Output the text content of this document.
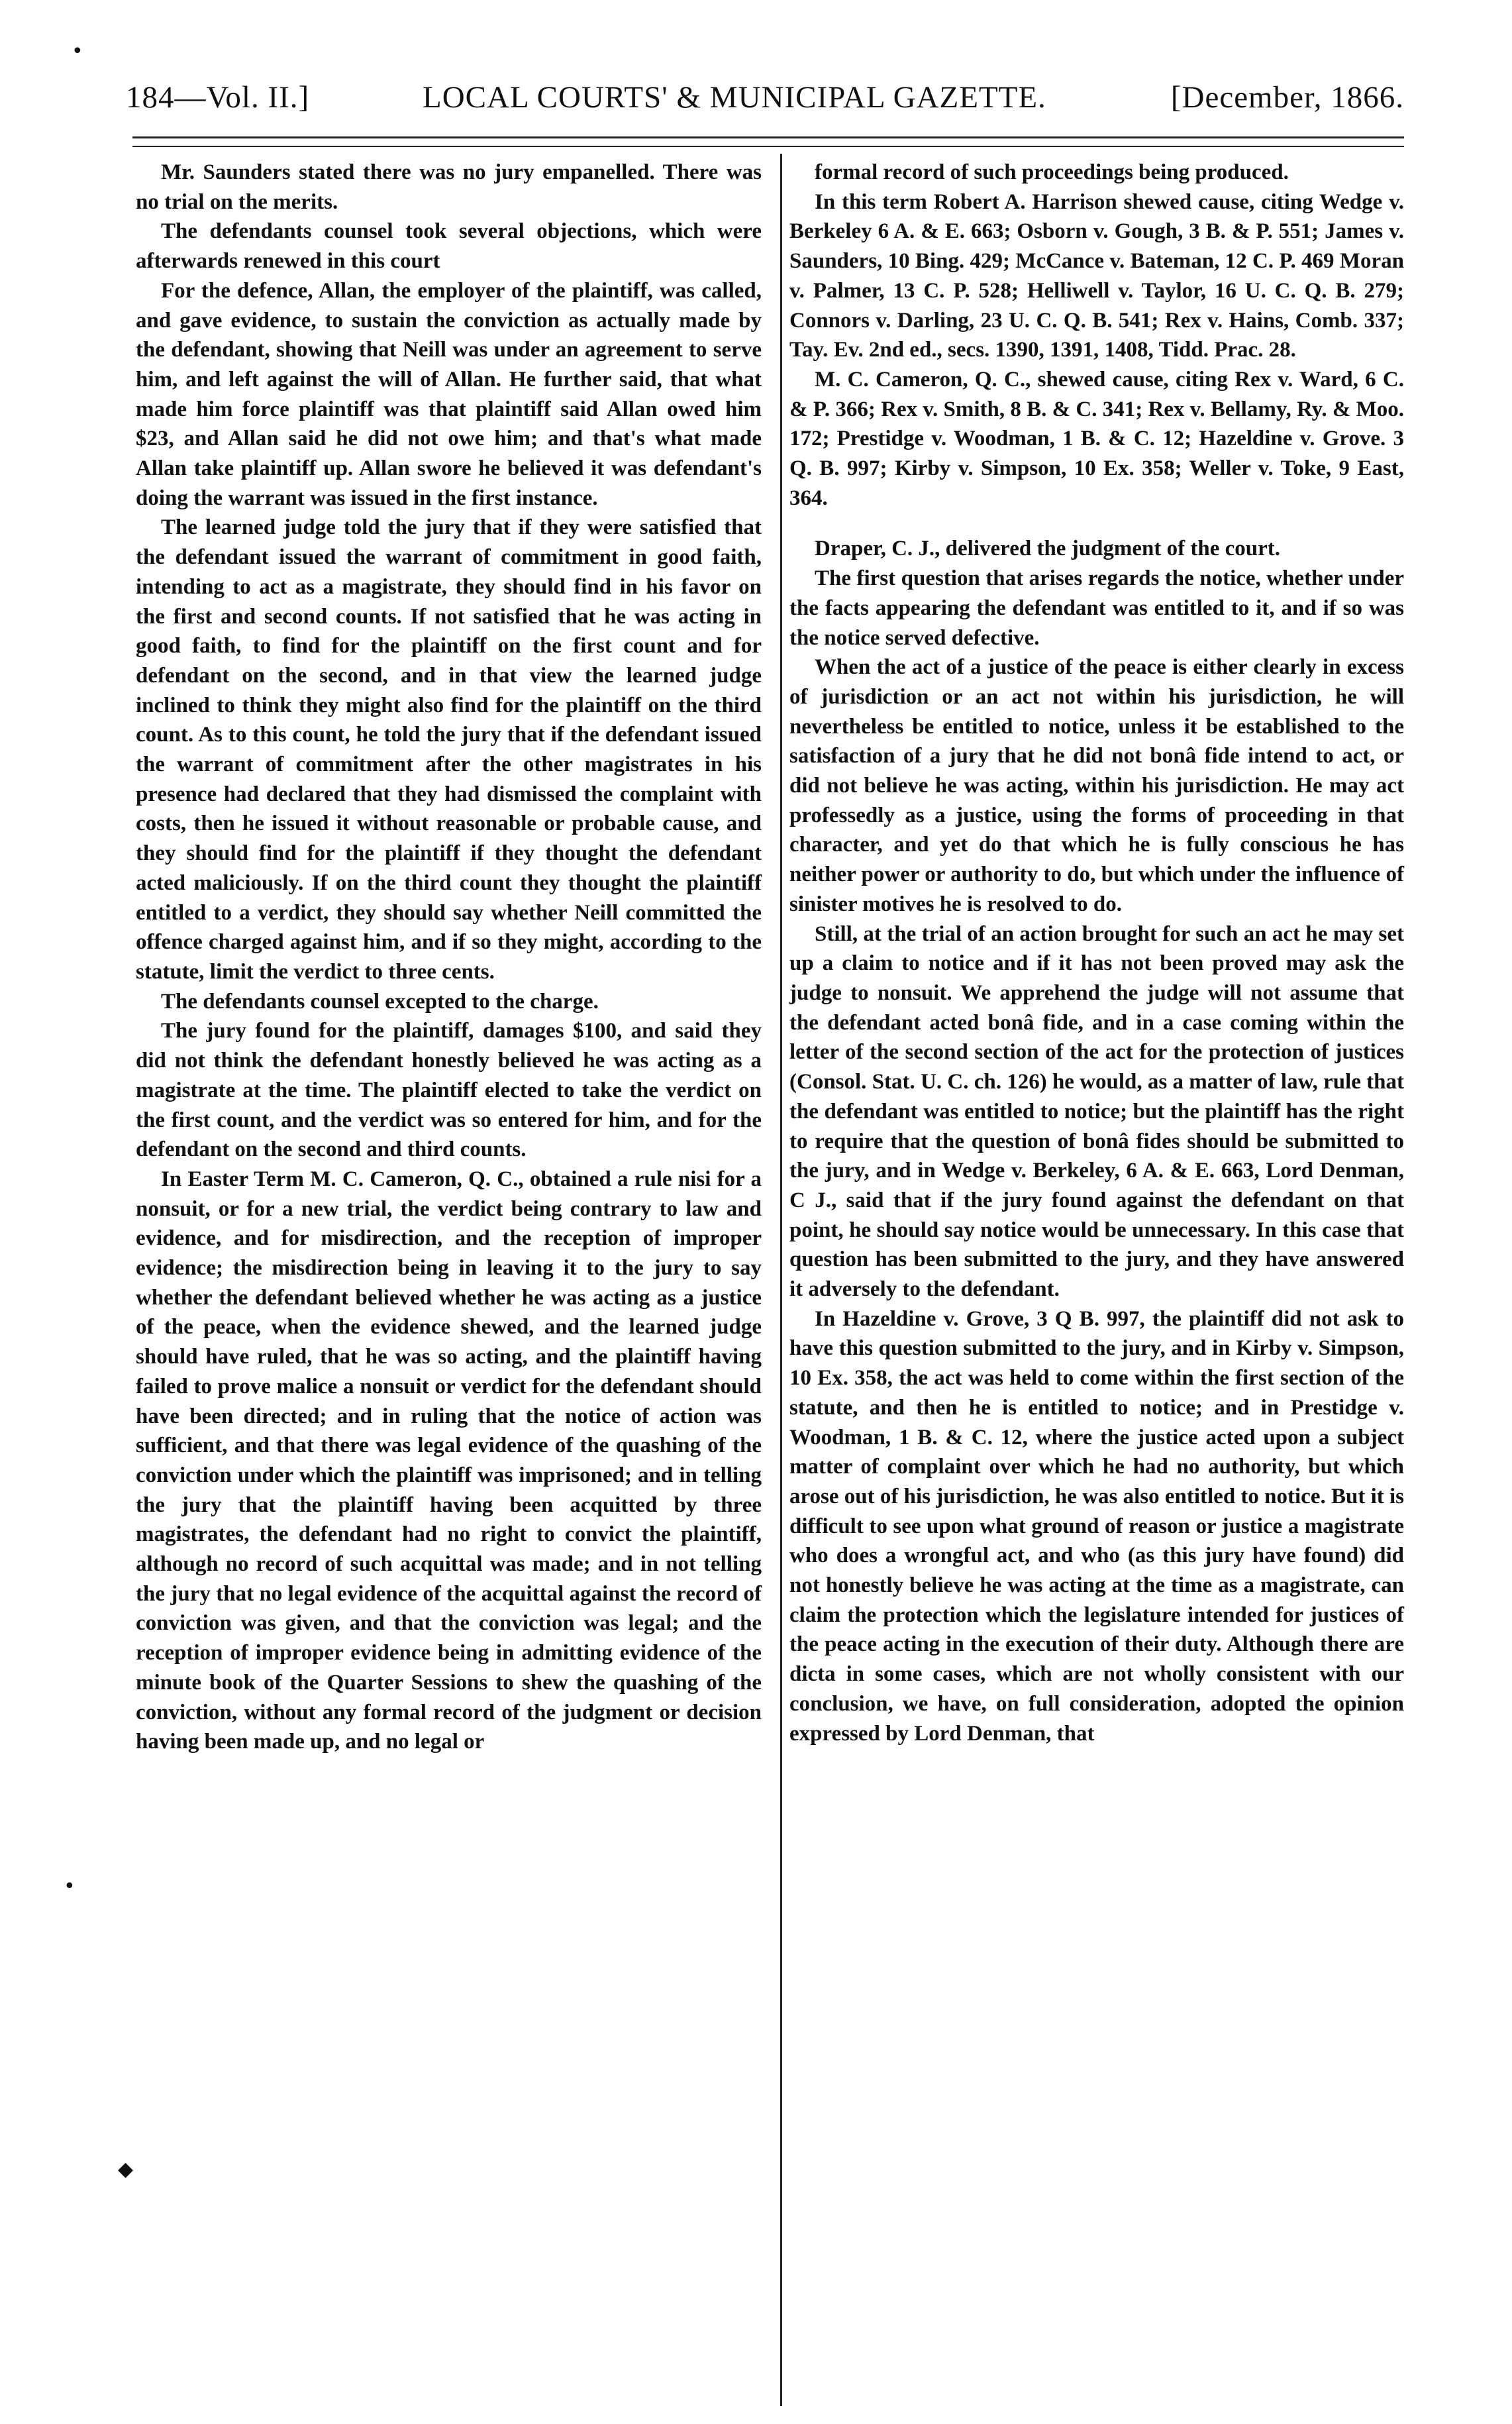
184—Vol. II.]	LOCAL COURTS' & MUNICIPAL GAZETTE.	[December, 1866.

Mr. Saunders stated there was no jury empanelled. There was no trial on the merits.

The defendants counsel took several objections, which were afterwards renewed in this court

For the defence, Allan, the employer of the plaintiff, was called, and gave evidence, to sustain the conviction as actually made by the defendant, showing that Neill was under an agreement to serve him, and left against the will of Allan. He further said, that what made him force plaintiff was that plaintiff said Allan owed him $23, and Allan said he did not owe him; and that's what made Allan take plaintiff up. Allan swore he believed it was defendant's doing the warrant was issued in the first instance.

The learned judge told the jury that if they were satisfied that the defendant issued the warrant of commitment in good faith, intending to act as a magistrate, they should find in his favor on the first and second counts. If not satisfied that he was acting in good faith, to find for the plaintiff on the first count and for defendant on the second, and in that view the learned judge inclined to think they might also find for the plaintiff on the third count. As to this count, he told the jury that if the defendant issued the warrant of commitment after the other magistrates in his presence had declared that they had dismissed the complaint with costs, then he issued it without reasonable or probable cause, and they should find for the plaintiff if they thought the defendant acted maliciously. If on the third count they thought the plaintiff entitled to a verdict, they should say whether Neill committed the offence charged against him, and if so they might, according to the statute, limit the verdict to three cents.

The defendants counsel excepted to the charge.

The jury found for the plaintiff, damages $100, and said they did not think the defendant honestly believed he was acting as a magistrate at the time. The plaintiff elected to take the verdict on the first count, and the verdict was so entered for him, and for the defendant on the second and third counts.

In Easter Term M. C. Cameron, Q. C., obtained a rule nisi for a nonsuit, or for a new trial, the verdict being contrary to law and evidence, and for misdirection, and the reception of improper evidence; the misdirection being in leaving it to the jury to say whether the defendant believed whether he was acting as a justice of the peace, when the evidence shewed, and the learned judge should have ruled, that he was so acting, and the plaintiff having failed to prove malice a nonsuit or verdict for the defendant should have been directed; and in ruling that the notice of action was sufficient, and that there was legal evidence of the quashing of the conviction under which the plaintiff was imprisoned; and in telling the jury that the plaintiff having been acquitted by three magistrates, the defendant had no right to convict the plaintiff, although no record of such acquittal was made; and in not telling the jury that no legal evidence of the acquittal against the record of conviction was given, and that the conviction was legal; and the reception of improper evidence being in admitting evidence of the minute book of the Quarter Sessions to shew the quashing of the conviction, without any formal record of the judgment or decision having been made up, and no legal or

formal record of such proceedings being produced.

In this term Robert A. Harrison shewed cause, citing Wedge v. Berkeley 6 A. & E. 663; Osborn v. Gough, 3 B. & P. 551; James v. Saunders, 10 Bing. 429; McCance v. Bateman, 12 C. P. 469 Moran v. Palmer, 13 C. P. 528; Helliwell v. Taylor, 16 U. C. Q. B. 279; Connors v. Darling, 23 U. C. Q. B. 541; Rex v. Hains, Comb. 337; Tay. Ev. 2nd ed., secs. 1390, 1391, 1408, Tidd. Prac. 28.

M. C. Cameron, Q. C., shewed cause, citing Rex v. Ward, 6 C. & P. 366; Rex v. Smith, 8 B. & C. 341; Rex v. Bellamy, Ry. & Moo. 172; Prestidge v. Woodman, 1 B. & C. 12; Hazeldine v. Grove. 3 Q. B. 997; Kirby v. Simpson, 10 Ex. 358; Weller v. Toke, 9 East, 364.

Draper, C. J., delivered the judgment of the court.

The first question that arises regards the notice, whether under the facts appearing the defendant was entitled to it, and if so was the notice served defective.

When the act of a justice of the peace is either clearly in excess of jurisdiction or an act not within his jurisdiction, he will nevertheless be entitled to notice, unless it be established to the satisfaction of a jury that he did not bonâ fide intend to act, or did not believe he was acting, within his jurisdiction. He may act professedly as a justice, using the forms of proceeding in that character, and yet do that which he is fully conscious he has neither power or authority to do, but which under the influence of sinister motives he is resolved to do.

Still, at the trial of an action brought for such an act he may set up a claim to notice and if it has not been proved may ask the judge to nonsuit. We apprehend the judge will not assume that the defendant acted bonâ fide, and in a case coming within the letter of the second section of the act for the protection of justices (Consol. Stat. U. C. ch. 126) he would, as a matter of law, rule that the defendant was entitled to notice; but the plaintiff has the right to require that the question of bonâ fides should be submitted to the jury, and in Wedge v. Berkeley, 6 A. & E. 663, Lord Denman, C J., said that if the jury found against the defendant on that point, he should say notice would be unnecessary. In this case that question has been submitted to the jury, and they have answered it adversely to the defendant.

In Hazeldine v. Grove, 3 Q B. 997, the plaintiff did not ask to have this question submitted to the jury, and in Kirby v. Simpson, 10 Ex. 358, the act was held to come within the first section of the statute, and then he is entitled to notice; and in Prestidge v. Woodman, 1 B. & C. 12, where the justice acted upon a subject matter of complaint over which he had no authority, but which arose out of his jurisdiction, he was also entitled to notice. But it is difficult to see upon what ground of reason or justice a magistrate who does a wrongful act, and who (as this jury have found) did not honestly believe he was acting at the time as a magistrate, can claim the protection which the legislature intended for justices of the peace acting in the execution of their duty. Although there are dicta in some cases, which are not wholly consistent with our conclusion, we have, on full consideration, adopted the opinion expressed by Lord Denman, that

•
•
◆
